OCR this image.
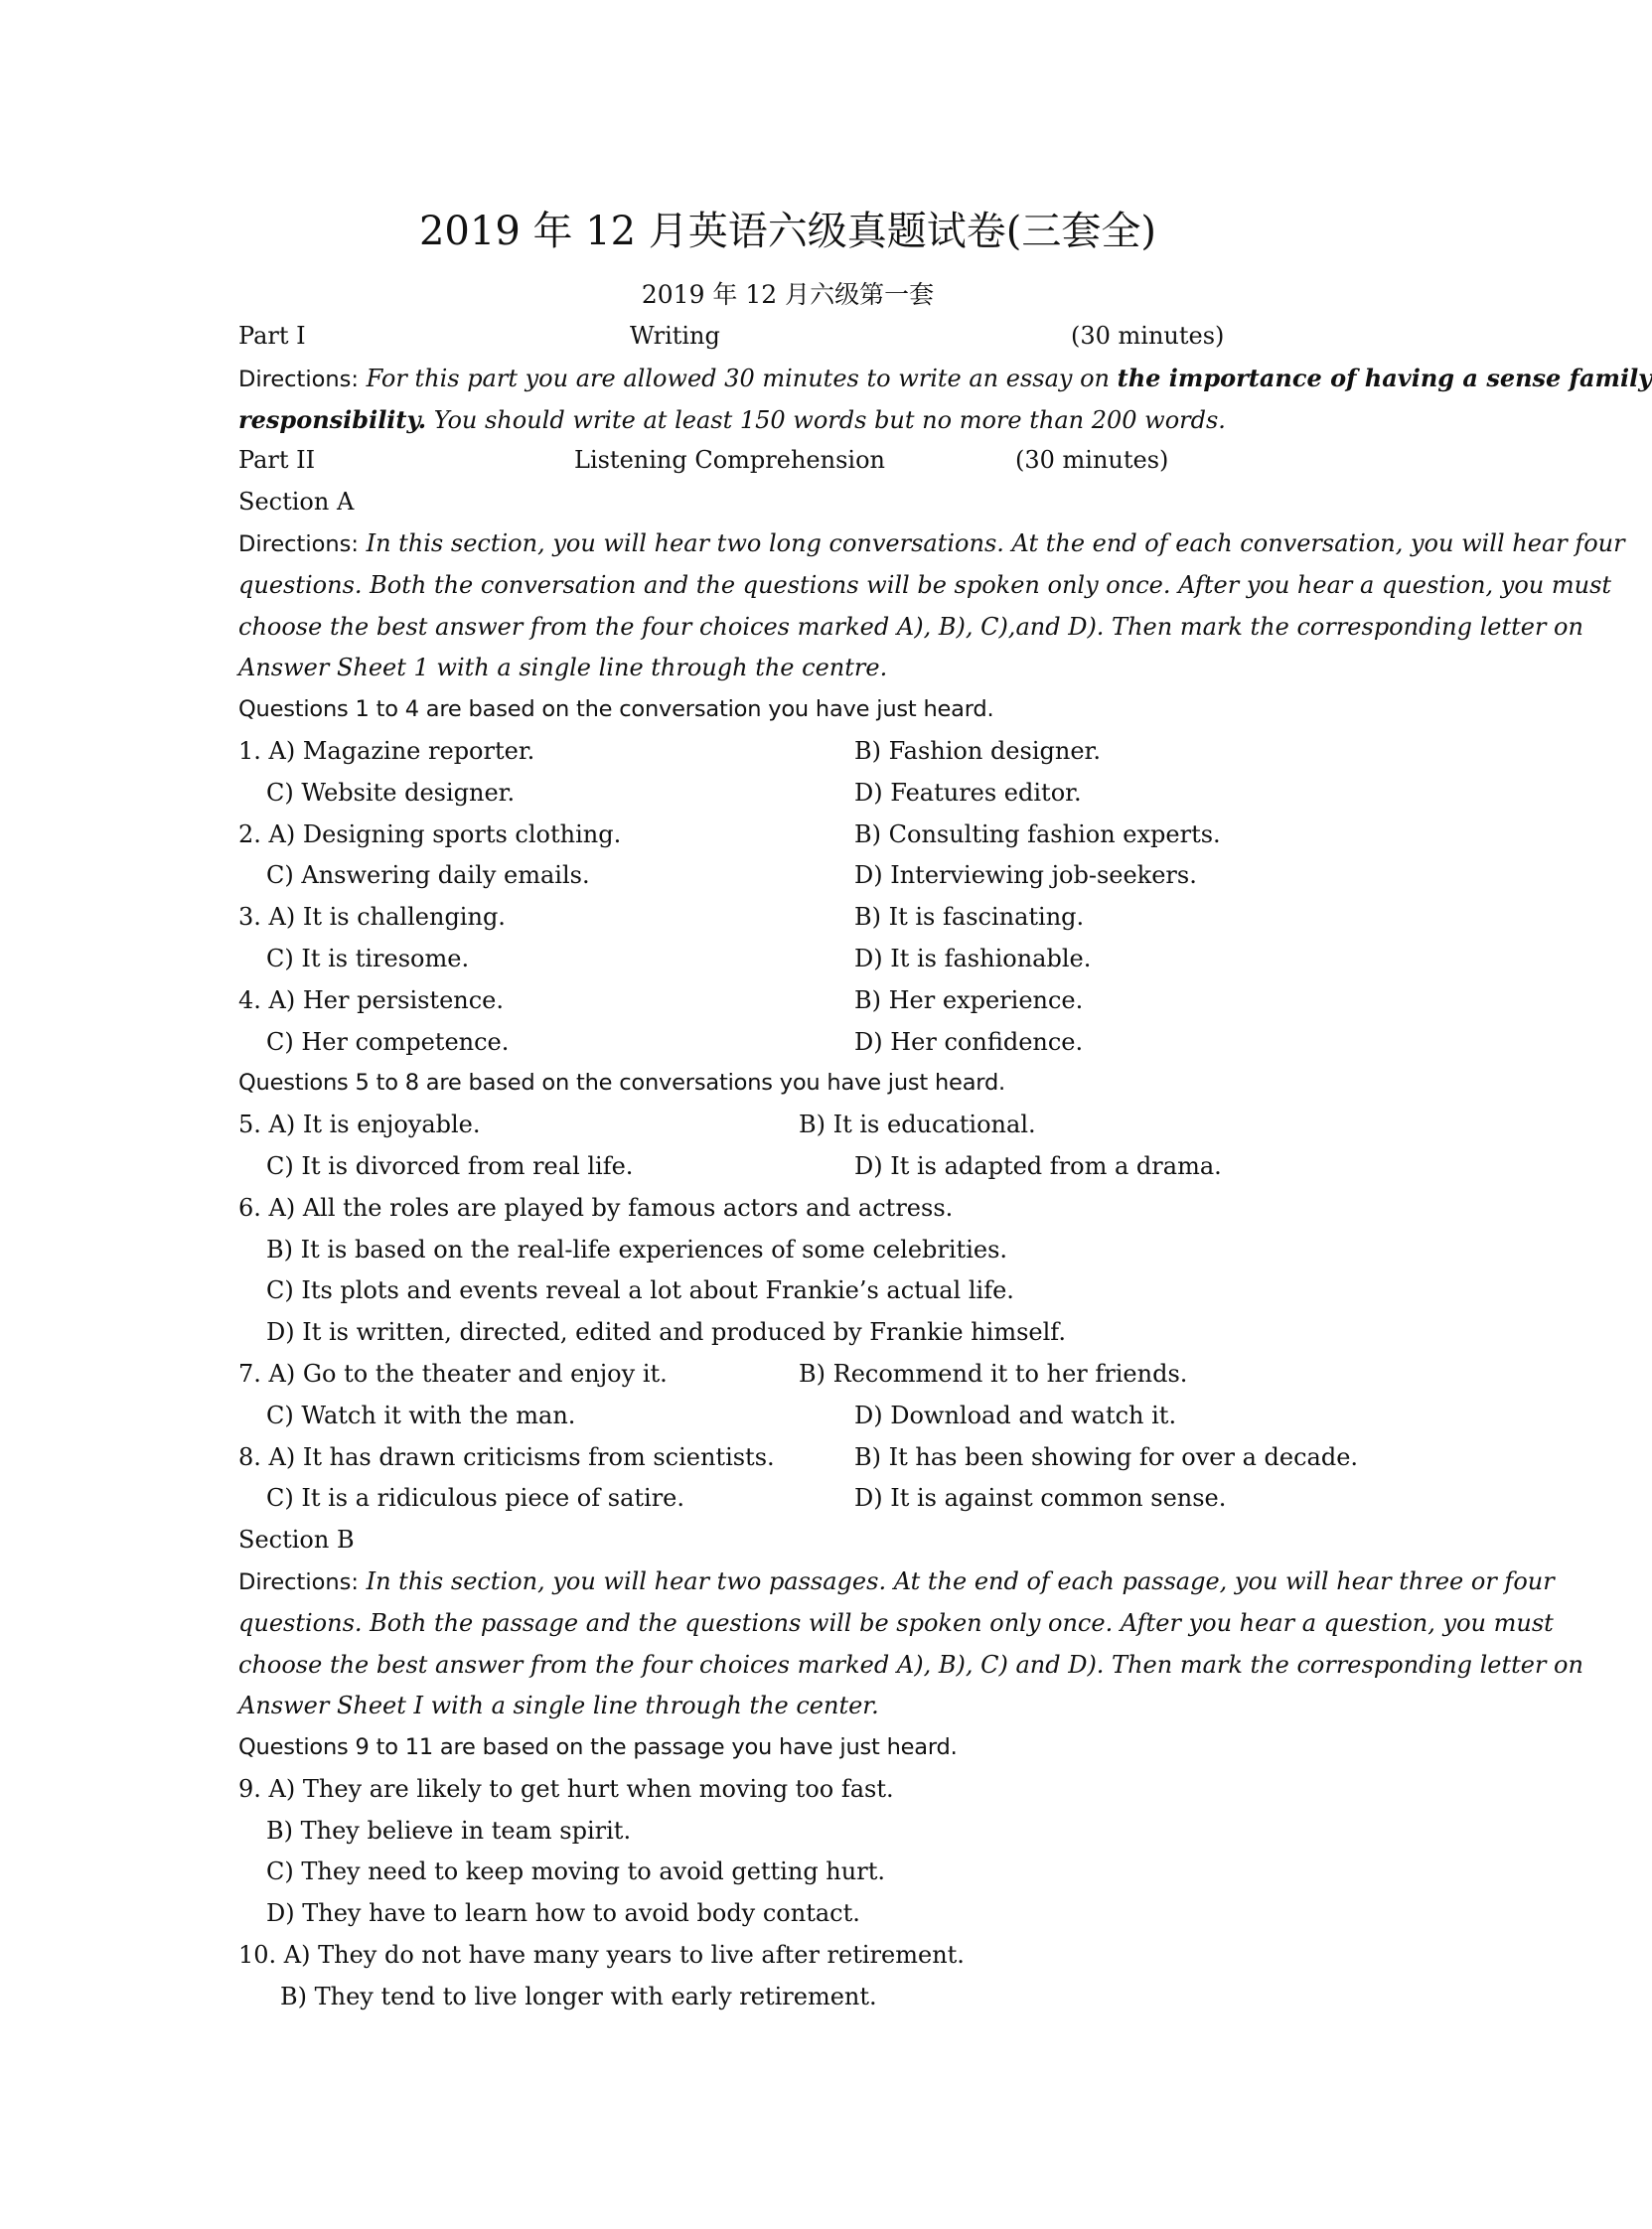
2019 年 12 月英语六级真题试卷(三套全)
2019 年 12 月六级第一套
Part I	Writing	(30 minutes)
Directions: For this part you are allowed 30 minutes to write an essay on the importance of having a sense family
responsibility. You should write at least 150 words but no more than 200 words.
Part II	Listening Comprehension	(30 minutes)
Section A
Directions: In this section, you will hear two long conversations. At the end of each conversation, you will hear four
questions. Both the conversation and the questions will be spoken only once. After you hear a question, you must
choose the best answer from the four choices marked A), B), C),and D). Then mark the corresponding letter on
Answer Sheet 1 with a single line through the centre.
Questions 1 to 4 are based on the conversation you have just heard.
1. A) Magazine reporter.	B) Fashion designer.
C) Website designer.	D) Features editor.
2. A) Designing sports clothing.	B) Consulting fashion experts.
C) Answering daily emails.	D) Interviewing job-seekers.
3. A) It is challenging.	B) It is fascinating.
C) It is tiresome.	D) It is fashionable.
4. A) Her persistence.	B) Her experience.
C) Her competence.	D) Her confidence.
Questions 5 to 8 are based on the conversations you have just heard.
5. A) It is enjoyable.	B) It is educational.
C) It is divorced from real life.	D) It is adapted from a drama.
6. A) All the roles are played by famous actors and actress.
B) It is based on the real-life experiences of some celebrities.
C) Its plots and events reveal a lot about Frankie’s actual life.
D) It is written, directed, edited and produced by Frankie himself.
7. A) Go to the theater and enjoy it.	B) Recommend it to her friends.
C) Watch it with the man.	D) Download and watch it.
8. A) It has drawn criticisms from scientists.	B) It has been showing for over a decade.
C) It is a ridiculous piece of satire.	D) It is against common sense.
Section B
Directions: In this section, you will hear two passages. At the end of each passage, you will hear three or four
questions. Both the passage and the questions will be spoken only once. After you hear a question, you must
choose the best answer from the four choices marked A), B), C) and D). Then mark the corresponding letter on
Answer Sheet I with a single line through the center.
Questions 9 to 11 are based on the passage you have just heard.
9. A) They are likely to get hurt when moving too fast.
B) They believe in team spirit.
C) They need to keep moving to avoid getting hurt.
D) They have to learn how to avoid body contact.
10. A) They do not have many years to live after retirement.
B) They tend to live longer with early retirement.
